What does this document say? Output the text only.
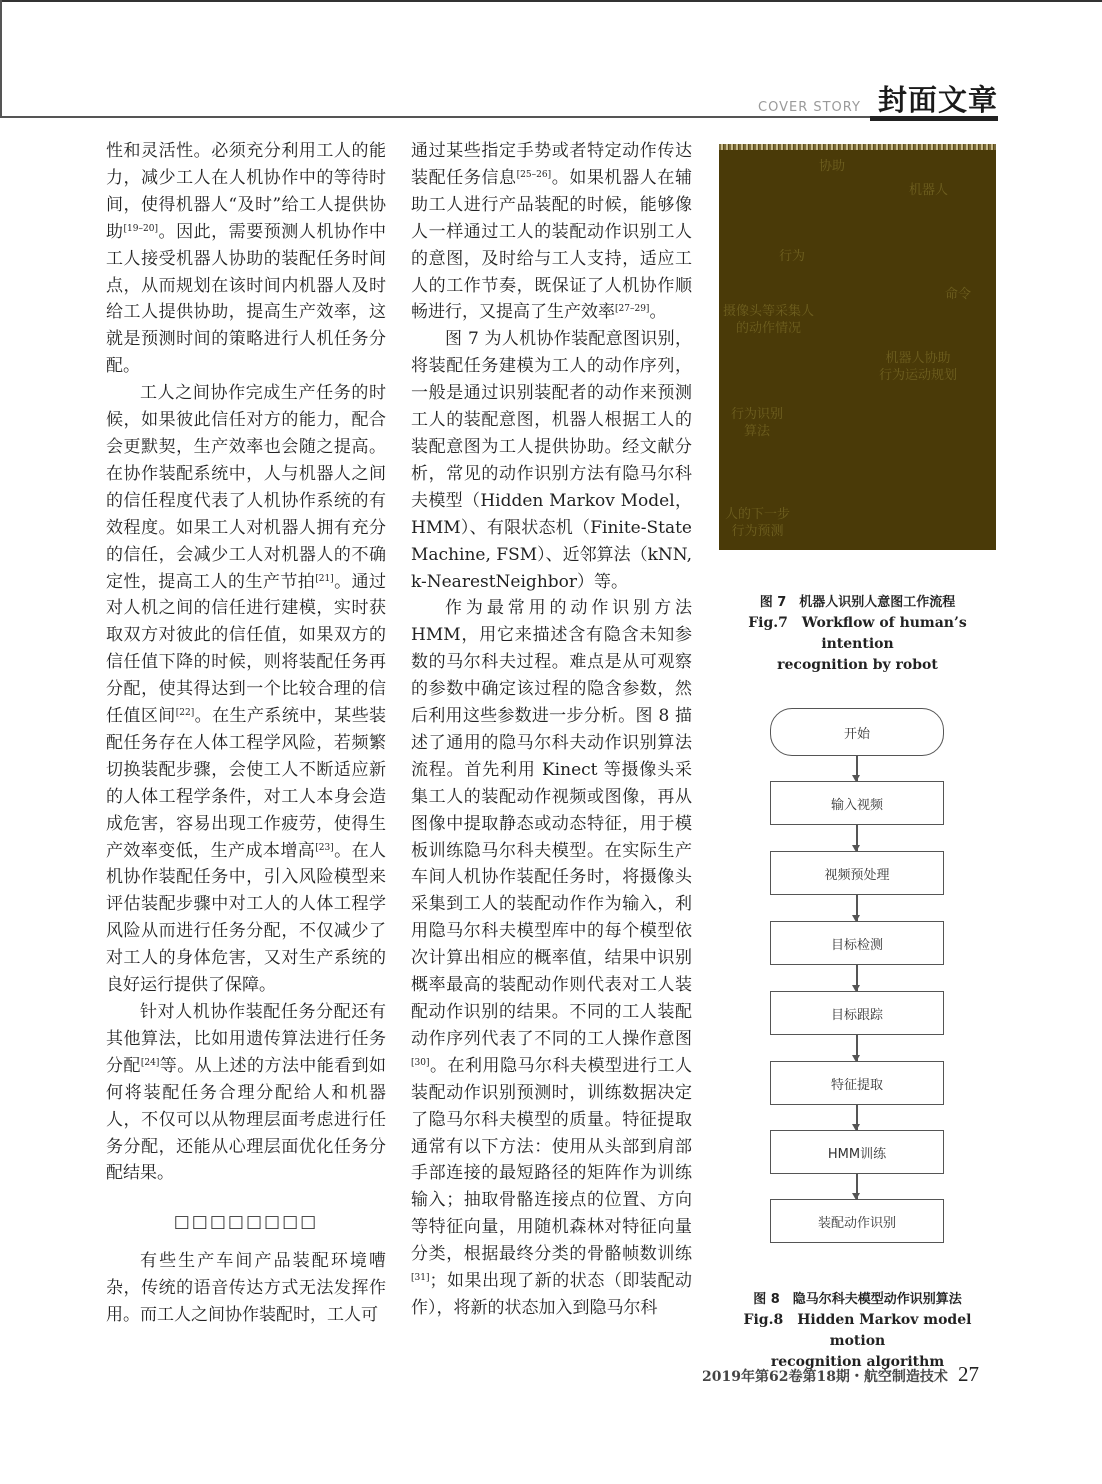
COVER STORY 封面文章

性和灵活性。必须充分利用工人的能力，减少工人在人机协作中的等待时间，使得机器人“及时”给工人提供协助[19–20]。因此，需要预测人机协作中工人接受机器人协助的装配任务时间点，从而规划在该时间内机器人及时给工人提供协助，提高生产效率，这就是预测时间的策略进行人机任务分配。

工人之间协作完成生产任务的时候，如果彼此信任对方的能力，配合会更默契，生产效率也会随之提高。在协作装配系统中，人与机器人之间的信任程度代表了人机协作系统的有效程度。如果工人对机器人拥有充分的信任，会减少工人对机器人的不确定性，提高工人的生产节拍[21]。通过对人机之间的信任进行建模，实时获取双方对彼此的信任值，如果双方的信任值下降的时候，则将装配任务再分配，使其得达到一个比较合理的信任值区间[22]。在生产系统中，某些装配任务存在人体工程学风险，若频繁切换装配步骤，会使工人不断适应新的人体工程学条件，对工人本身会造成危害，容易出现工作疲劳，使得生产效率变低，生产成本增高[23]。在人机协作装配任务中，引入风险模型来评估装配步骤中对工人的人体工程学风险从而进行任务分配，不仅减少了对工人的身体危害，又对生产系统的良好运行提供了保障。

针对人机协作装配任务分配还有其他算法，比如用遗传算法进行任务分配[24]等。从上述的方法中能看到如何将装配任务合理分配给人和机器人，不仅可以从物理层面考虑进行任务分配，还能从心理层面优化任务分配结果。

□□□□□□□□

有些生产车间产品装配环境嘈杂，传统的语音传达方式无法发挥作用。而工人之间协作装配时，工人可

通过某些指定手势或者特定动作传达装配任务信息[25–26]。如果机器人在辅助工人进行产品装配的时候，能够像人一样通过工人的装配动作识别工人的意图，及时给与工人支持，适应工人的工作节奏，既保证了人机协作顺畅进行，又提高了生产效率[27–29]。

图 7 为人机协作装配意图识别，将装配任务建模为工人的动作序列，一般是通过识别装配者的动作来预测工人的装配意图，机器人根据工人的装配意图为工人提供协助。经文献分析，常见的动作识别方法有隐马尔科夫模型（Hidden Markov Model，HMM）、有限状态机（Finite-State Machine, FSM）、近邻算法（kNN, k-NearestNeighbor）等。

作为最常用的动作识别方法HMM，用它来描述含有隐含未知参数的马尔科夫过程。难点是从可观察的参数中确定该过程的隐含参数，然后利用这些参数进一步分析。图 8 描述了通用的隐马尔科夫动作识别算法流程。首先利用 Kinect 等摄像头采集工人的装配动作视频或图像，再从图像中提取静态或动态特征，用于模板训练隐马尔科夫模型。在实际生产车间人机协作装配任务时，将摄像头采集到工人的装配动作作为输入，利用隐马尔科夫模型库中的每个模型依次计算出相应的概率值，结果中识别概率最高的装配动作则代表对工人装配动作识别的结果。不同的工人装配动作序列代表了不同的工人操作意图[30]。在利用隐马尔科夫模型进行工人装配动作识别预测时，训练数据决定了隐马尔科夫模型的质量。特征提取通常有以下方法：使用从头部到肩部手部连接的最短路径的矩阵作为训练输入；抽取骨骼连接点的位置、方向等特征向量，用随机森林对特征向量分类，根据最终分类的骨骼帧数训练[31]；如果出现了新的状态（即装配动作），将新的状态加入到隐马尔科

协助
机器人
行为
命令
摄像头等采集人
的动作情况
机器人协助
行为运动规划
行为识别
算法
人的下一步
行为预测
图 7　机器人识别人意图工作流程
Fig.7　Workflow of human’s intention
recognition by robot
开始
输入视频
视频预处理
目标检测
目标跟踪
特征提取
HMM训练
装配动作识别
图 8　隐马尔科夫模型动作识别算法
Fig.8　Hidden Markov model motion
recognition algorithm
2019年第62卷第18期・航空制造技术 27
